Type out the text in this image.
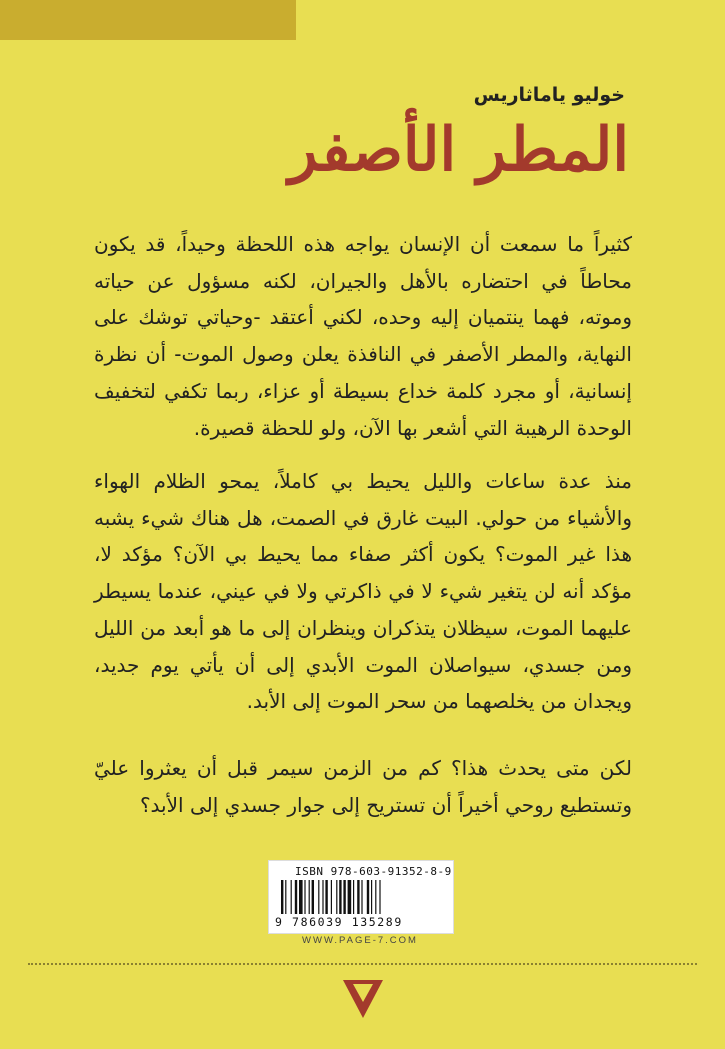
خوليو ياماثاريس
المطر الأصفر
كثيراً ما سمعت أن الإنسان يواجه هذه اللحظة وحيداً، قد يكون محاطاً في احتضاره بالأهل والجيران، لكنه مسؤول عن حياته وموته، فهما ينتميان إليه وحده، لكني أعتقد -وحياتي توشك على النهاية، والمطر الأصفر في النافذة يعلن وصول الموت- أن نظرة إنسانية، أو مجرد كلمة خداع بسيطة أو عزاء، ربما تكفي لتخفيف الوحدة الرهيبة التي أشعر بها الآن، ولو للحظة قصيرة.
منذ عدة ساعات والليل يحيط بي كاملاً، يمحو الظلام الهواء والأشياء من حولي. البيت غارق في الصمت، هل هناك شيء يشبه هذا غير الموت؟ يكون أكثر صفاء مما يحيط بي الآن؟ مؤكد لا، مؤكد أنه لن يتغير شيء لا في ذاكرتي ولا في عيني، عندما يسيطر عليهما الموت، سيظلان يتذكران وينظران إلى ما هو أبعد من الليل ومن جسدي، سيواصلان الموت الأبدي إلى أن يأتي يوم جديد، ويجدان من يخلصهما من سحر الموت إلى الأبد.
لكن متى يحدث هذا؟ كم من الزمن سيمر قبل أن يعثروا عليّ وتستطيع روحي أخيراً أن تستريح إلى جوار جسدي إلى الأبد؟
ISBN 978-603-91352-8-9
9 786039 135289
WWW.PAGE-7.COM
